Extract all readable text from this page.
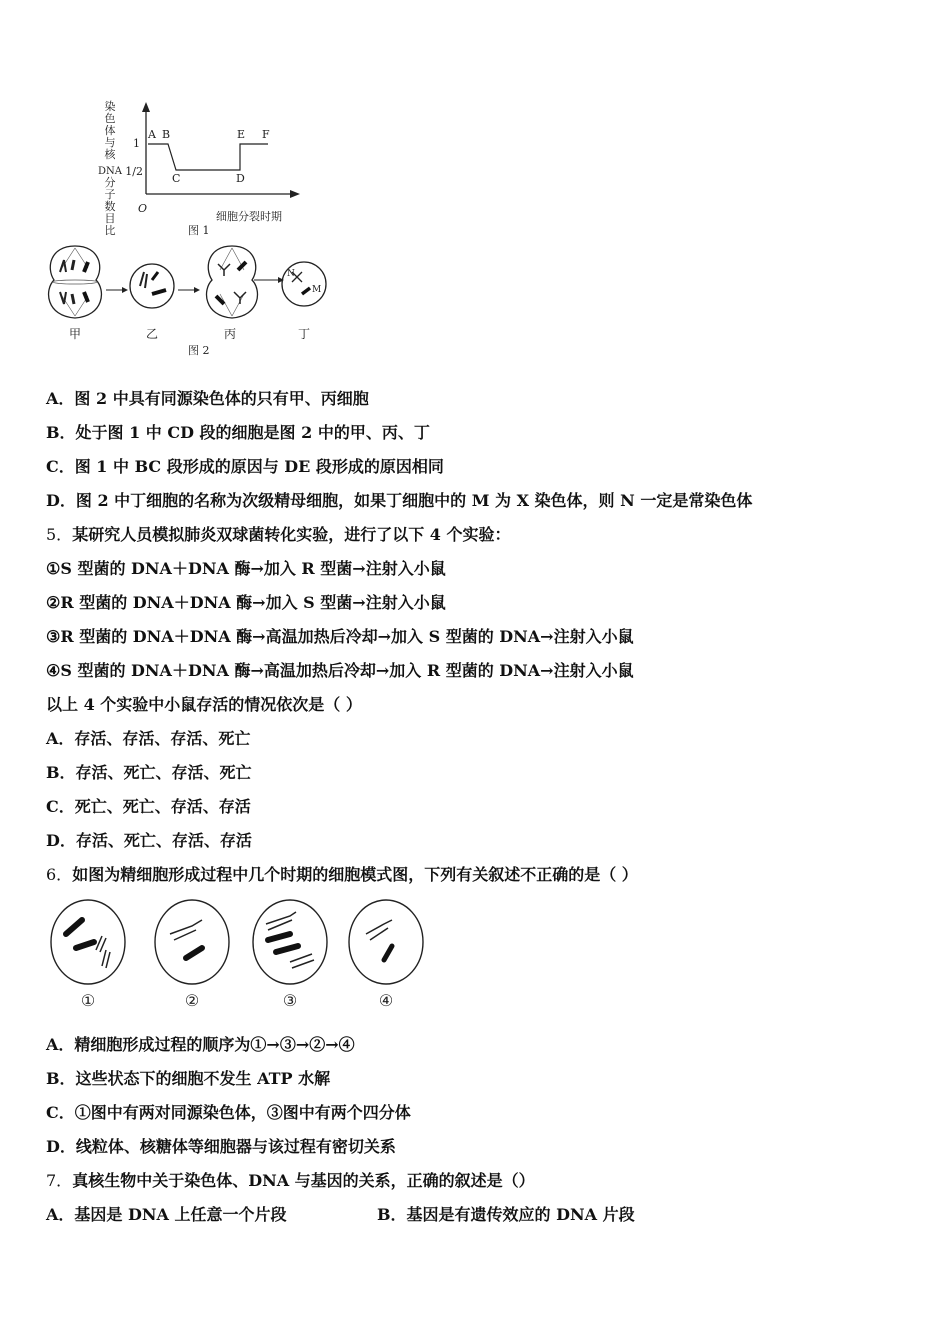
染
色
体
与
核
DNA
分
子
数
目
比
1
1/2
O
A B
C	D
E F
细胞分裂时期
图 1
N
M
甲	乙	丙	丁
图 2
A．图 2 中具有同源染色体的只有甲、丙细胞
B．处于图 1 中 CD 段的细胞是图 2 中的甲、丙、丁
C．图 1 中 BC 段形成的原因与 DE 段形成的原因相同
D．图 2 中丁细胞的名称为次级精母细胞，如果丁细胞中的 M 为 X 染色体，则 N 一定是常染色体
5．某研究人员模拟肺炎双球菌转化实验，进行了以下 4 个实验：
①S 型菌的 DNA＋DNA 酶→加入 R 型菌→注射入小鼠
②R 型菌的 DNA＋DNA 酶→加入 S 型菌→注射入小鼠
③R 型菌的 DNA＋DNA 酶→高温加热后冷却→加入 S 型菌的 DNA→注射入小鼠
④S 型菌的 DNA＋DNA 酶→高温加热后冷却→加入 R 型菌的 DNA→注射入小鼠
以上 4 个实验中小鼠存活的情况依次是（ ）
A．存活、存活、存活、死亡
B．存活、死亡、存活、死亡
C．死亡、死亡、存活、存活
D．存活、死亡、存活、存活
6．如图为精细胞形成过程中几个时期的细胞模式图，下列有关叙述不正确的是（ ）
①	②	③	④
A．精细胞形成过程的顺序为①→③→②→④
B．这些状态下的细胞不发生 ATP 水解
C．①图中有两对同源染色体，③图中有两个四分体
D．线粒体、核糖体等细胞器与该过程有密切关系
7．真核生物中关于染色体、DNA 与基因的关系，正确的叙述是（）
A．基因是 DNA 上任意一个片段	B．基因是有遗传效应的 DNA 片段
